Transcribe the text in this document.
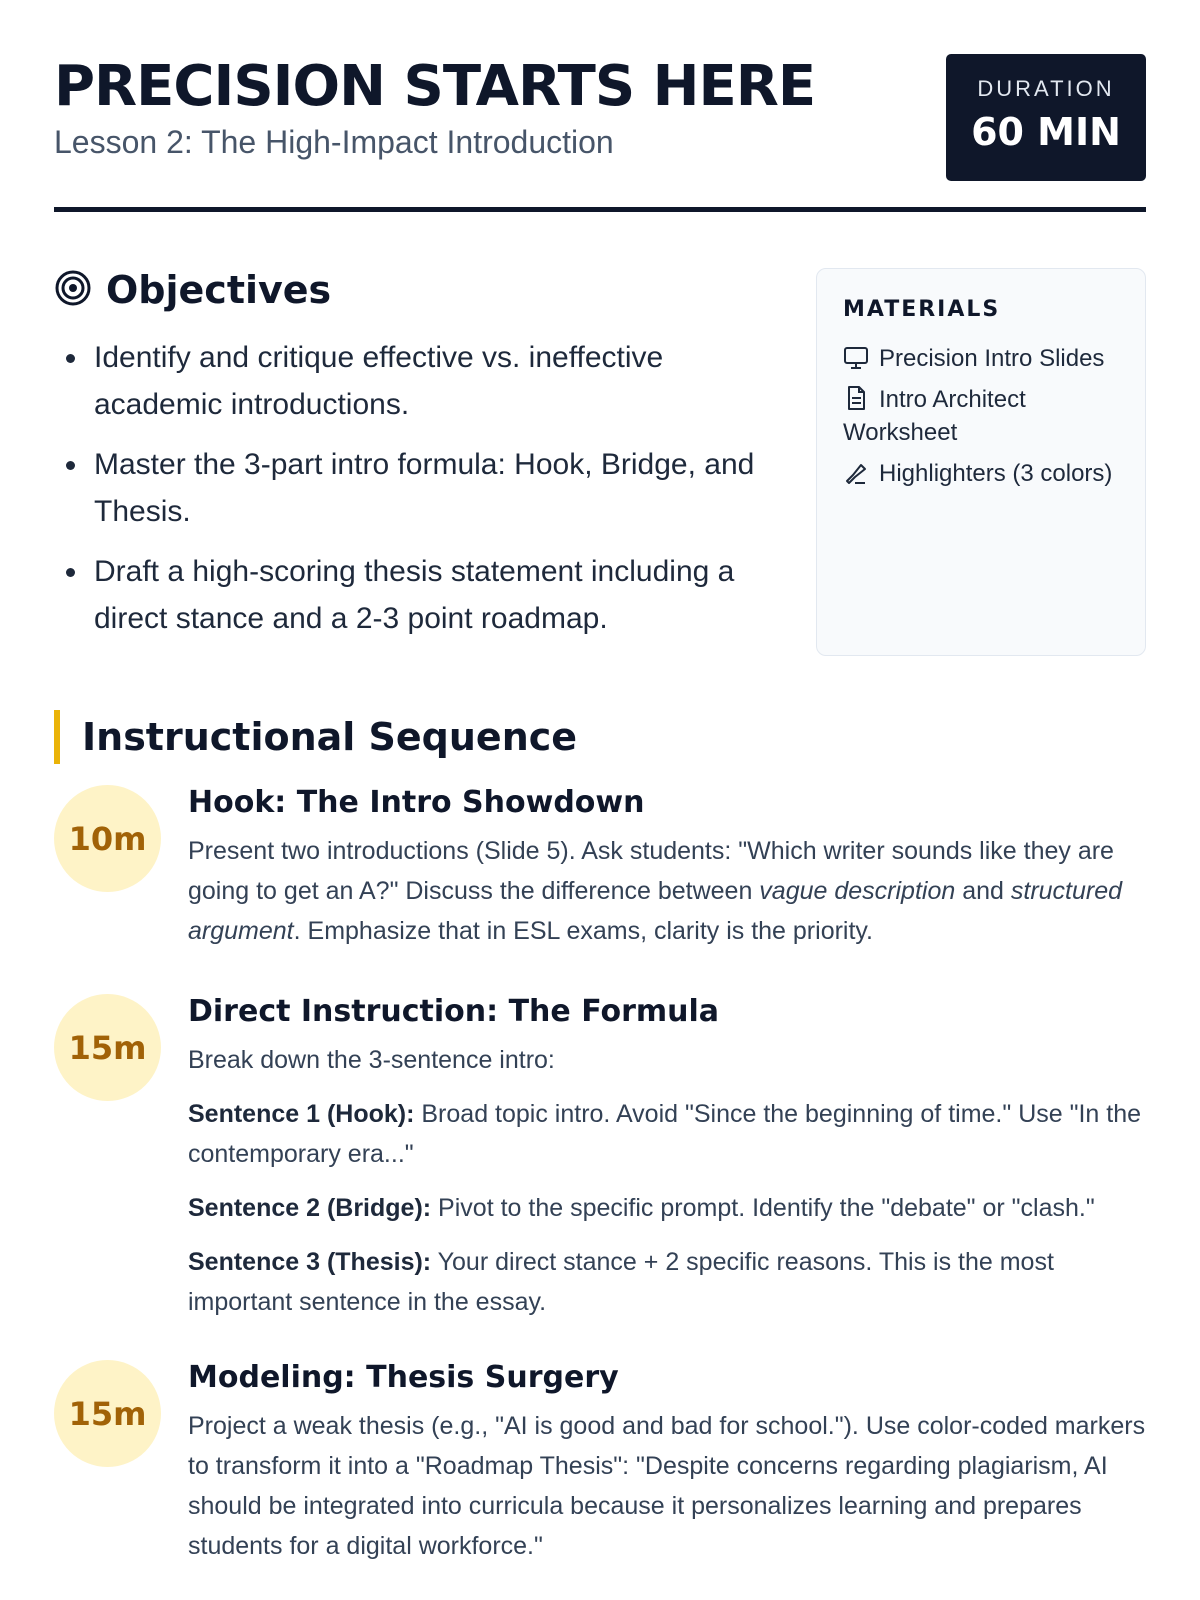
PRECISION STARTS HERE
Lesson 2: The High-Impact Introduction
DURATION
60 MIN
Objectives
Identify and critique effective vs. ineffective academic introductions.
Master the 3-part intro formula: Hook, Bridge, and Thesis.
Draft a high-scoring thesis statement including a direct stance and a 2-3 point roadmap.
MATERIALS
Precision Intro Slides
Intro Architect Worksheet
Highlighters (3 colors)
Instructional Sequence
10m
Hook: The Intro Showdown

Present two introductions (Slide 5). Ask students: "Which writer sounds like they are going to get an A?" Discuss the difference between vague description and structured argument. Emphasize that in ESL exams, clarity is the priority.

15m
Direct Instruction: The Formula

Break down the 3-sentence intro:

Sentence 1 (Hook): Broad topic intro. Avoid "Since the beginning of time." Use "In the contemporary era..."

Sentence 2 (Bridge): Pivot to the specific prompt. Identify the "debate" or "clash."

Sentence 3 (Thesis): Your direct stance + 2 specific reasons. This is the most important sentence in the essay.

15m
Modeling: Thesis Surgery

Project a weak thesis (e.g., "AI is good and bad for school."). Use color-coded markers to transform it into a "Roadmap Thesis": "Despite concerns regarding plagiarism, AI should be integrated into curricula because it personalizes learning and prepares students for a digital workforce."
